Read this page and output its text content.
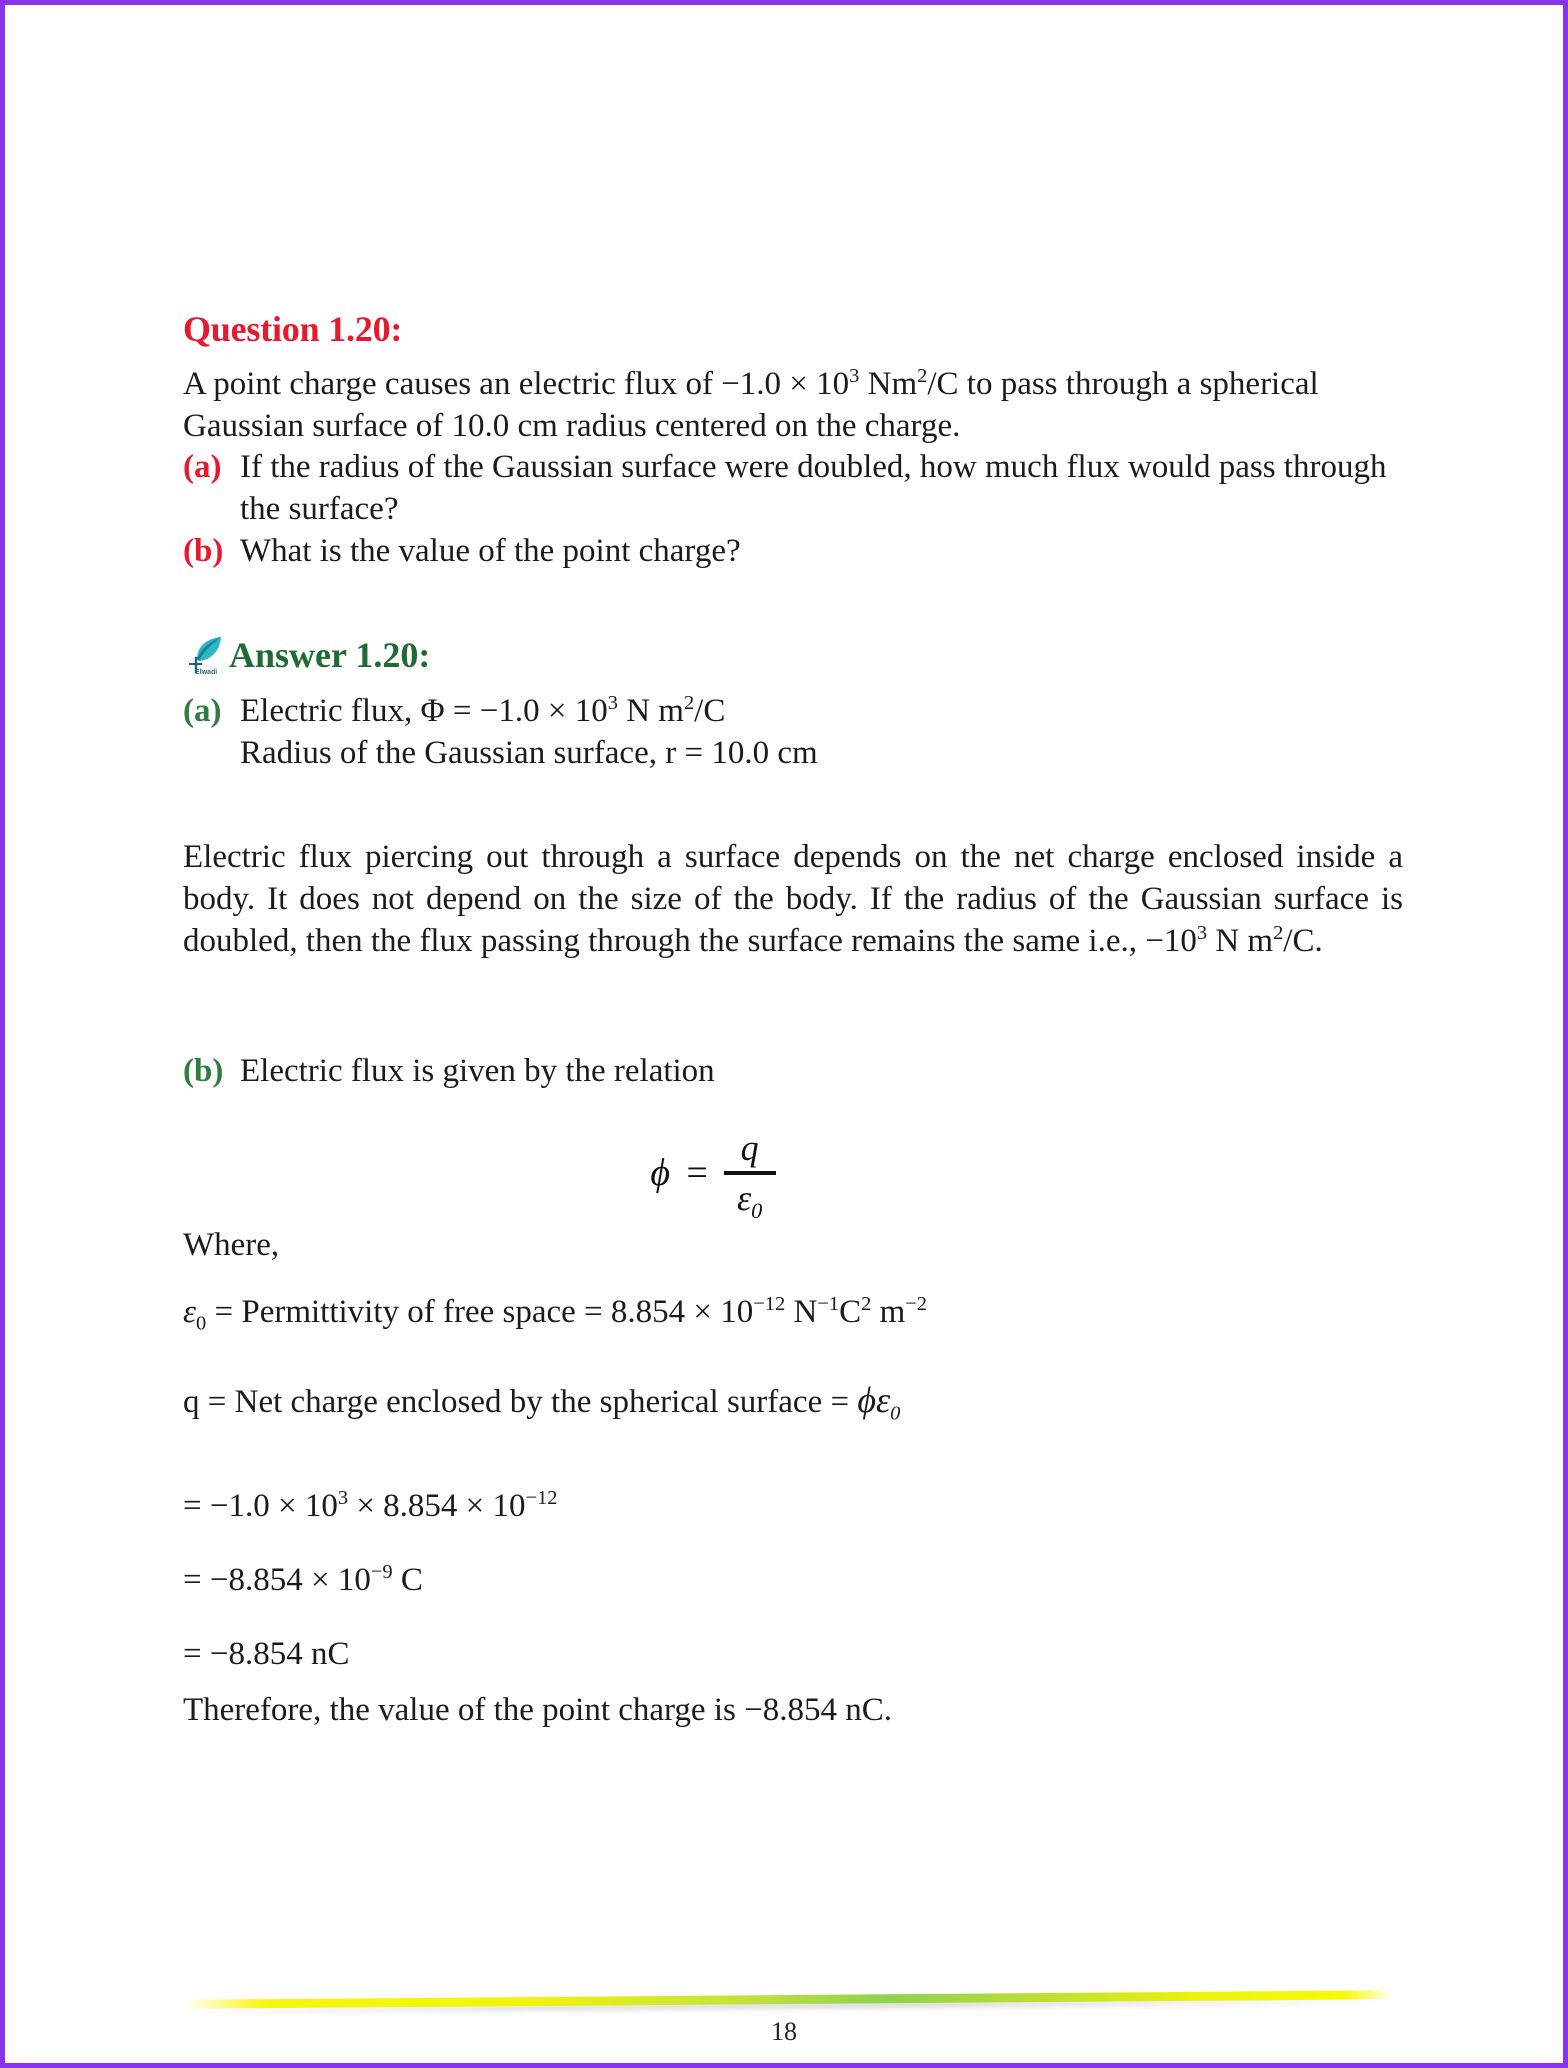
Question 1.20:

A point charge causes an electric flux of $-1.0 \times 10^3$ Nm$^2$/C to pass through a spherical Gaussian surface of 10.0 cm radius centered on the charge.

(a) If the radius of the Gaussian surface were doubled, how much flux would pass through the surface?
(b) What is the value of the point charge?
Elwadi Answer 1.20:
(a) Electric flux, $\Phi = -1.0 \times 10^3$ N $m^2/C$
Radius of the Gaussian surface, r = 10.0 cm

Electric flux piercing out through a surface depends on the net charge enclosed inside a body. It does not depend on the size of the body. If the radius of the Gaussian surface is doubled, then the flux passing through the surface remains the same i.e., $-10^3$ N $m^2/C$.

(b) Electric flux is given by the relation
$\phi = \frac{q}{\varepsilon_0}$

Where,

$\varepsilon_0$ = Permittivity of free space = $8.854 \times 10^{-12}$ $N^{-1}C^2$ $m^{-2}$

q = Net charge enclosed by the spherical surface = $\phi\varepsilon_0$

= $-1.0 \times 10^3 \times 8.854 \times 10^{-12}$
= $-8.854 \times 10^{-9}$ C
= −8.854 nC

Therefore, the value of the point charge is −8.854 nC.

18
